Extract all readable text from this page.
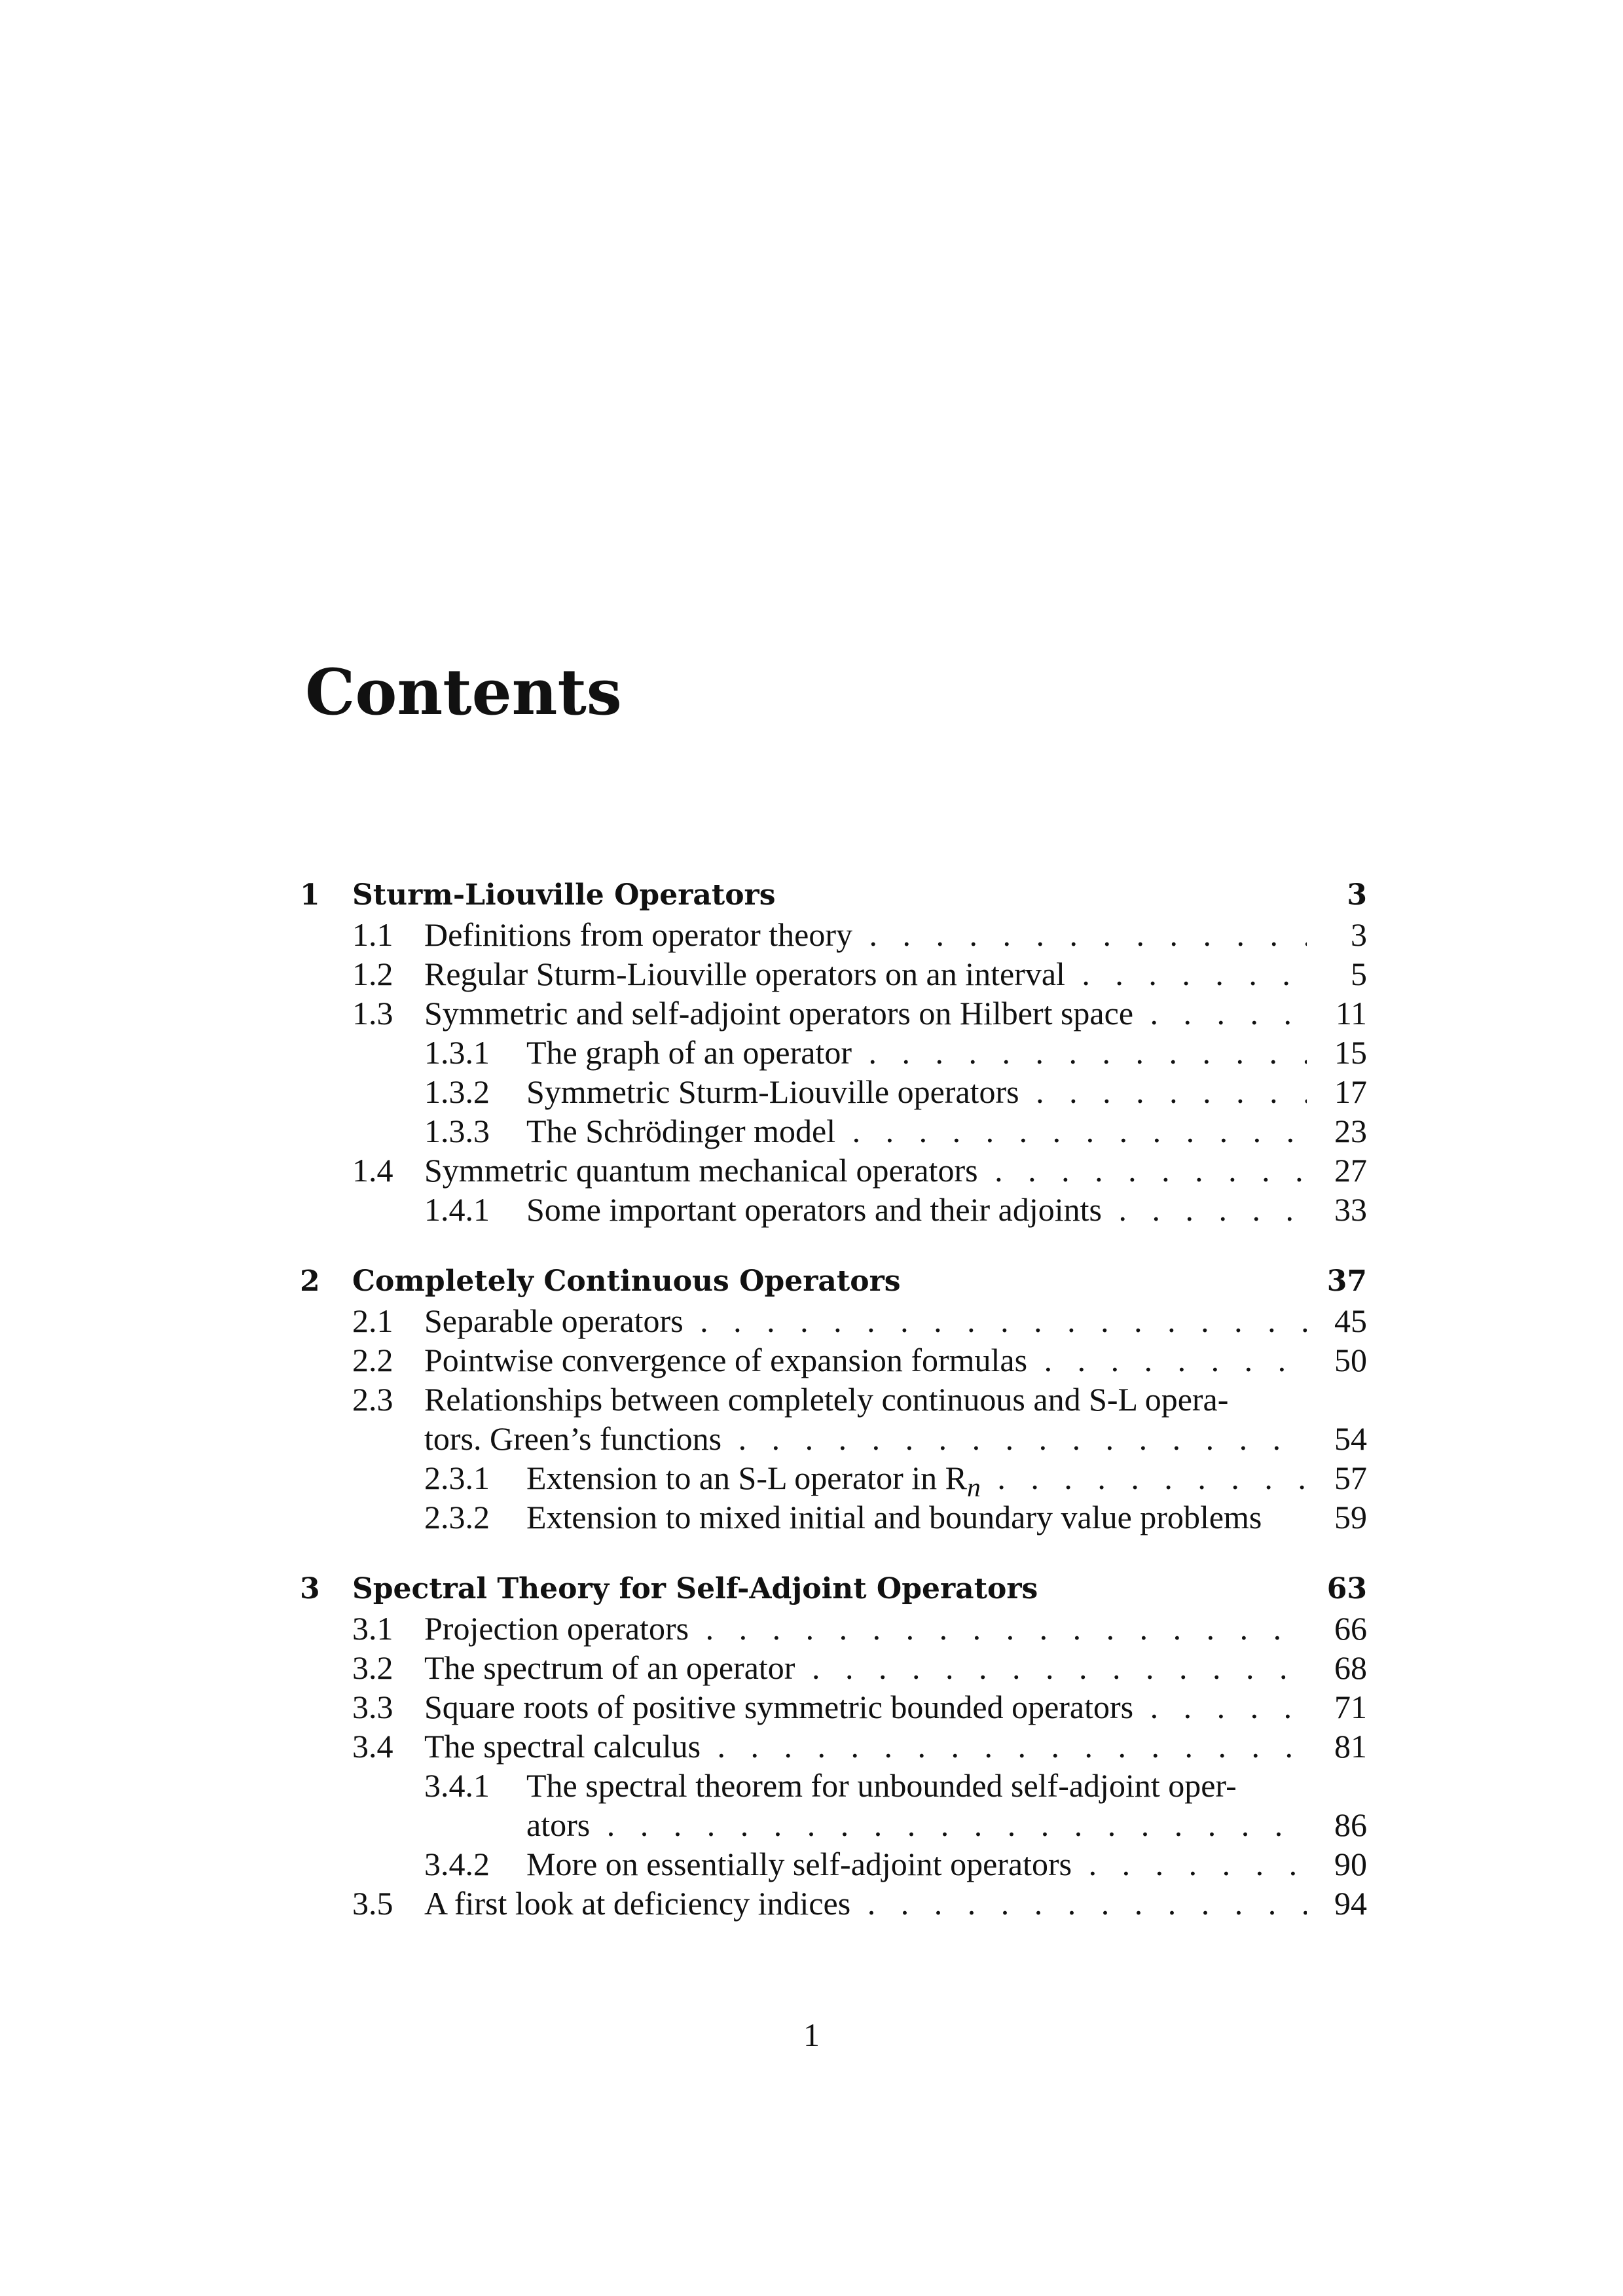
Contents
1 Sturm-Liouville Operators	3
1.1 Definitions from operator theory . . .	3
1.2 Regular Sturm-Liouville operators on an interval . . .	5
1.3 Symmetric and self-adjoint operators on Hilbert space . . .	11
1.3.1 The graph of an operator . . .	15
1.3.2 Symmetric Sturm-Liouville operators . . .	17
1.3.3 The Schrödinger model . . .	23
1.4 Symmetric quantum mechanical operators . . .	27
1.4.1 Some important operators and their adjoints . . .	33
2 Completely Continuous Operators	37
2.1 Separable operators . . .	45
2.2 Pointwise convergence of expansion formulas . . .	50
2.3 Relationships between completely continuous and S-L opera-
tors. Green’s functions . . .	54
2.3.1 Extension to an S-L operator in $R_n$ . . .	57
2.3.2 Extension to mixed initial and boundary value problems	59
3 Spectral Theory for Self-Adjoint Operators	63
3.1 Projection operators . . .	66
3.2 The spectrum of an operator . . .	68
3.3 Square roots of positive symmetric bounded operators . . .	71
3.4 The spectral calculus . . .	81
3.4.1 The spectral theorem for unbounded self-adjoint oper-
ators . . .	86
3.4.2 More on essentially self-adjoint operators . . .	90
3.5 A first look at deficiency indices . . .	94
1
